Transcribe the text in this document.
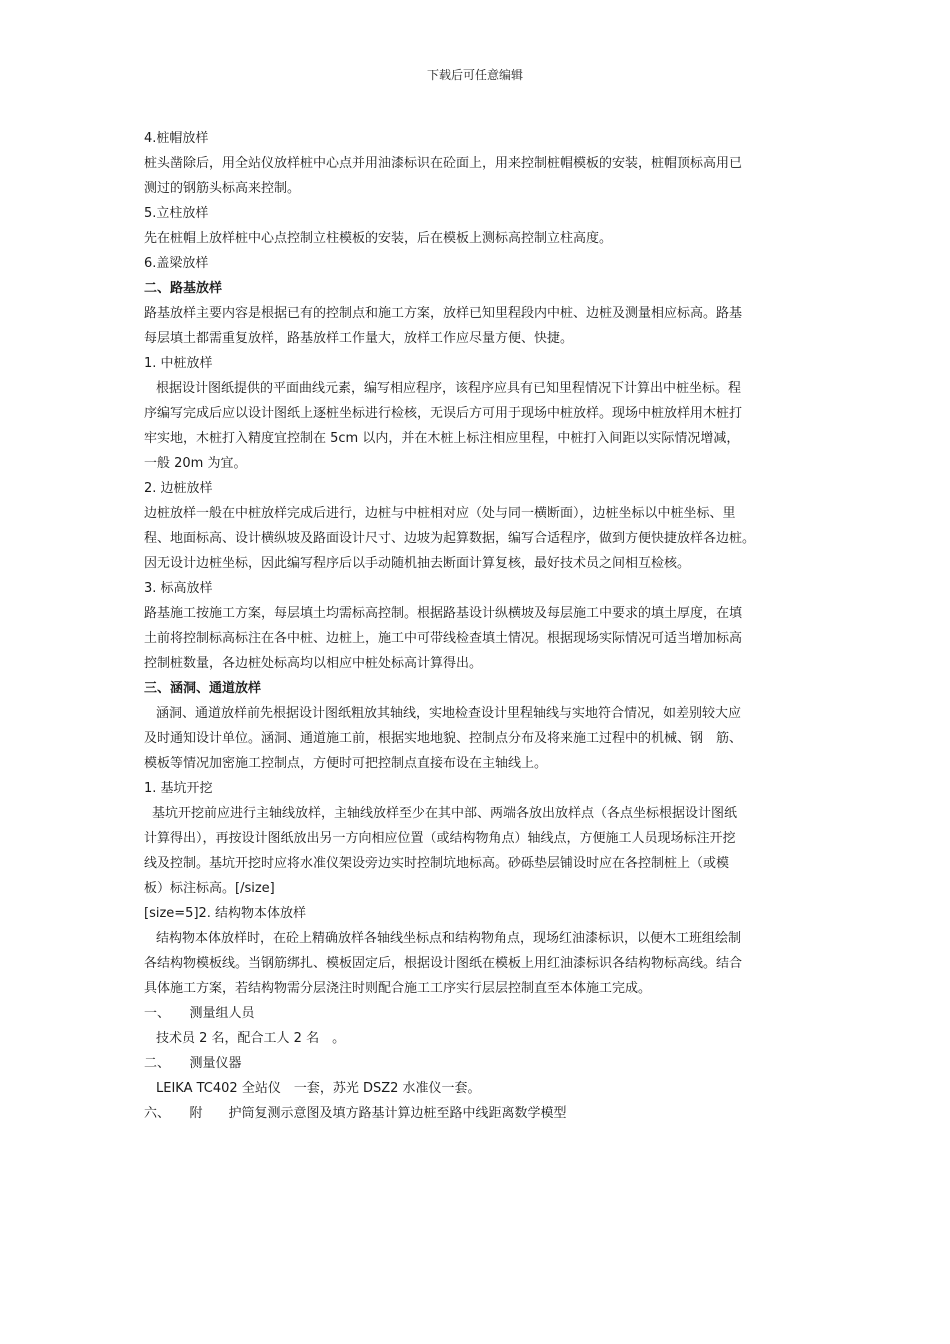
下载后可任意编辑
4.桩帽放样
桩头凿除后，用全站仪放样桩中心点并用油漆标识在砼面上，用来控制桩帽模板的安装，桩帽顶标高用已
测过的钢筋头标高来控制。
5.立柱放样
先在桩帽上放样桩中心点控制立柱模板的安装，后在模板上测标高控制立柱高度。
6.盖梁放样
二、路基放样
路基放样主要内容是根据已有的控制点和施工方案，放样已知里程段内中桩、边桩及测量相应标高。路基
每层填土都需重复放样，路基放样工作量大，放样工作应尽量方便、快捷。
1. 中桩放样
根据设计图纸提供的平面曲线元素，编写相应程序，该程序应具有已知里程情况下计算出中桩坐标。程
序编写完成后应以设计图纸上逐桩坐标进行检核，无误后方可用于现场中桩放样。现场中桩放样用木桩打
牢实地，木桩打入精度宜控制在 5cm 以内，并在木桩上标注相应里程，中桩打入间距以实际情况增减，
一般 20m 为宜。
2. 边桩放样
边桩放样一般在中桩放样完成后进行，边桩与中桩相对应（处与同一横断面），边桩坐标以中桩坐标、里
程、地面标高、设计横纵坡及路面设计尺寸、边坡为起算数据，编写合适程序，做到方便快捷放样各边桩。
因无设计边桩坐标，因此编写程序后以手动随机抽去断面计算复核，最好技术员之间相互检核。
3. 标高放样
路基施工按施工方案，每层填土均需标高控制。根据路基设计纵横坡及每层施工中要求的填土厚度，在填
土前将控制标高标注在各中桩、边桩上，施工中可带线检查填土情况。根据现场实际情况可适当增加标高
控制桩数量，各边桩处标高均以相应中桩处标高计算得出。
三、涵洞、通道放样
涵洞、通道放样前先根据设计图纸粗放其轴线，实地检查设计里程轴线与实地符合情况，如差别较大应
及时通知设计单位。涵洞、通道施工前，根据实地地貌、控制点分布及将来施工过程中的机械、钢　筋、
模板等情况加密施工控制点，方便时可把控制点直接布设在主轴线上。
1. 基坑开挖
基坑开挖前应进行主轴线放样，主轴线放样至少在其中部、两端各放出放样点（各点坐标根据设计图纸
计算得出），再按设计图纸放出另一方向相应位置（或结构物角点）轴线点，方便施工人员现场标注开挖
线及控制。基坑开挖时应将水准仪架设旁边实时控制坑地标高。砂砾垫层铺设时应在各控制桩上（或模
板）标注标高。[/size]
[size=5]2. 结构物本体放样
结构物本体放样时，在砼上精确放样各轴线坐标点和结构物角点，现场红油漆标识，以便木工班组绘制
各结构物模板线。当钢筋绑扎、模板固定后，根据设计图纸在模板上用红油漆标识各结构物标高线。结合
具体施工方案，若结构物需分层浇注时则配合施工工序实行层层控制直至本体施工完成。
一、　　测量组人员
技术员 2 名，配合工人 2 名　。
二、　　测量仪器
LEIKA TC402 全站仪　一套，苏光 DSZ2 水准仪一套。
六、　　附　　护筒复测示意图及填方路基计算边桩至路中线距离数学模型
